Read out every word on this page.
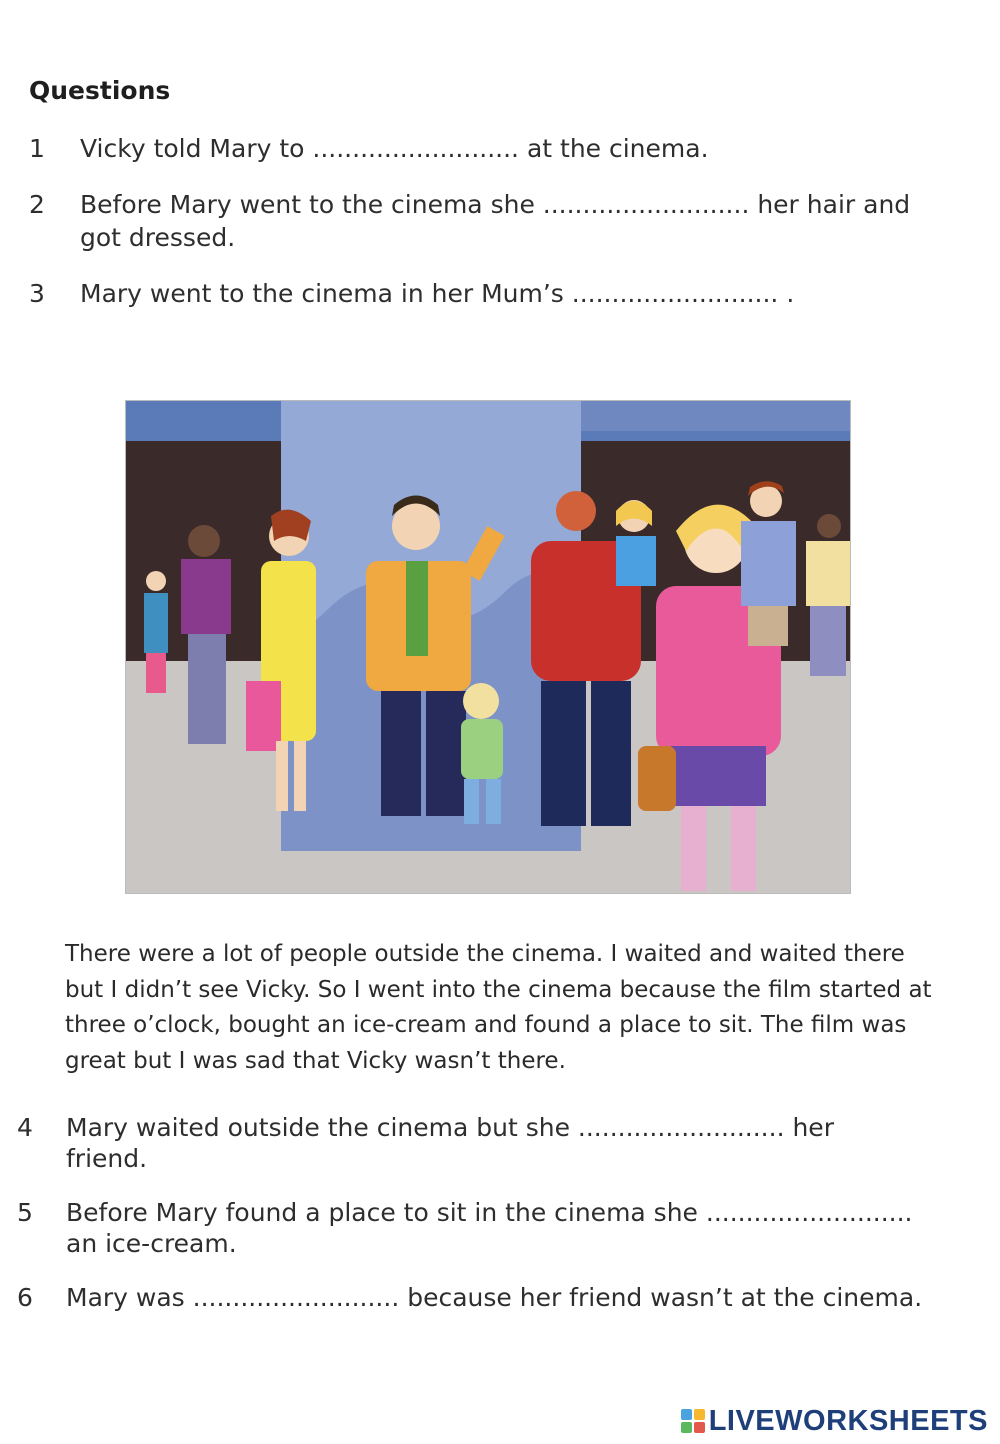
Questions
1 Vicky told Mary to .......................... at the cinema.
2 Before Mary went to the cinema she .......................... her hair and
got dressed.
3 Mary went to the cinema in her Mum’s .......................... .
There were a lot of people outside the cinema. I waited and waited there but I didn’t see Vicky. So I went into the cinema because the film started at three o’clock, bought an ice-cream and found a place to sit. The film was great but I was sad that Vicky wasn’t there.
4 Mary waited outside the cinema but she .......................... her
friend.
5 Before Mary found a place to sit in the cinema she ..........................
an ice-cream.
6 Mary was .......................... because her friend wasn’t at the cinema.
LIVEWORKSHEETS
